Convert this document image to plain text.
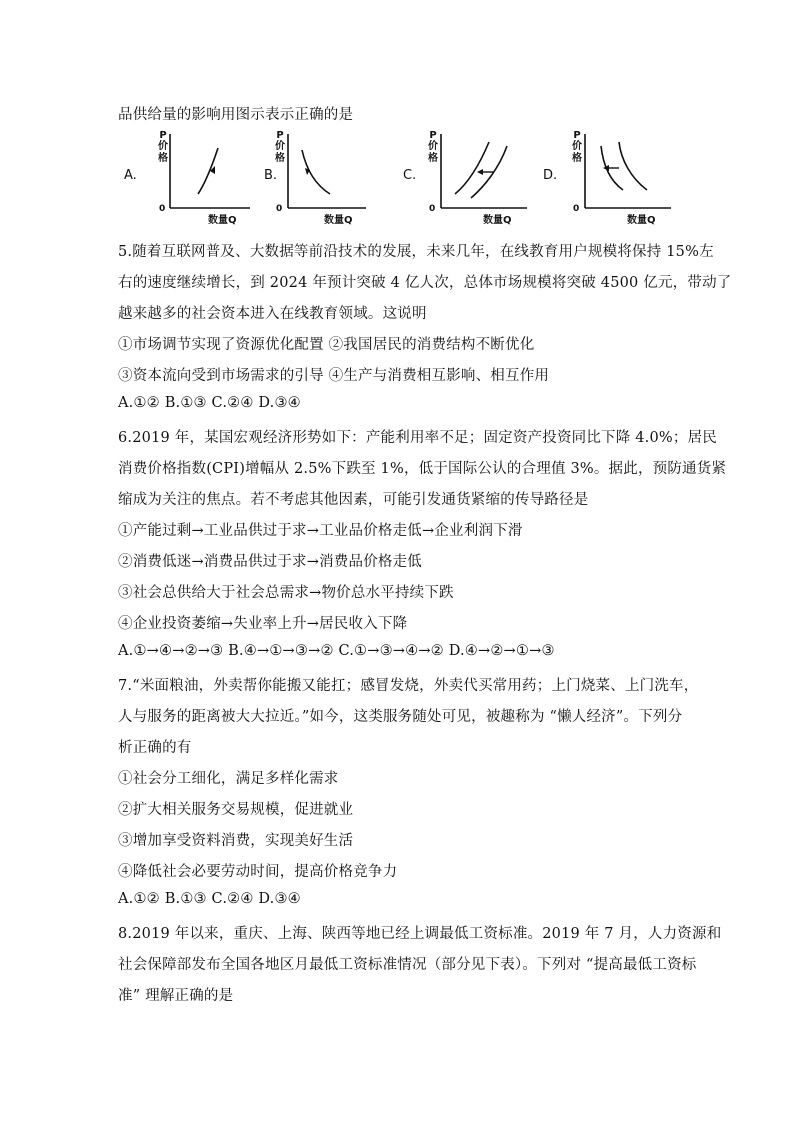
品供给量的影响用图示表示正确的是
A.
P
价
格
0
数量Q
B.
P
价
格
0
数量Q
C.
P
价
格
0
数量Q
D.
P
价
格
0
数量Q
5.随着互联网普及、大数据等前沿技术的发展，未来几年，在线教育用户规模将保持 15%左
右的速度继续增长，到 2024 年预计突破 4 亿人次，总体市场规模将突破 4500 亿元，带动了
越来越多的社会资本进入在线教育领域。这说明
①市场调节实现了资源优化配置 ②我国居民的消费结构不断优化
③资本流向受到市场需求的引导 ④生产与消费相互影响、相互作用
A.①② B.①③ C.②④ D.③④
6.2019 年，某国宏观经济形势如下：产能利用率不足；固定资产投资同比下降 4.0%；居民
消费价格指数(CPI)增幅从 2.5%下跌至 1%，低于国际公认的合理值 3%。据此，预防通货紧
缩成为关注的焦点。若不考虑其他因素，可能引发通货紧缩的传导路径是
①产能过剩→工业品供过于求→工业品价格走低→企业利润下滑
②消费低迷→消费品供过于求→消费品价格走低
③社会总供给大于社会总需求→物价总水平持续下跌
④企业投资萎缩→失业率上升→居民收入下降
A.①→④→②→③ B.④→①→③→② C.①→③→④→② D.④→②→①→③
7.“米面粮油，外卖帮你能搬又能扛；感冒发烧，外卖代买常用药；上门烧菜、上门洗车，
人与服务的距离被大大拉近。”如今，这类服务随处可见，被趣称为 “懒人经济”。下列分
析正确的有
①社会分工细化，满足多样化需求
②扩大相关服务交易规模，促进就业
③增加享受资料消费，实现美好生活
④降低社会必要劳动时间，提高价格竞争力
A.①② B.①③ C.②④ D.③④
8.2019 年以来，重庆、上海、陕西等地已经上调最低工资标准。2019 年 7 月，人力资源和
社会保障部发布全国各地区月最低工资标准情况（部分见下表）。下列对 “提高最低工资标
准” 理解正确的是
